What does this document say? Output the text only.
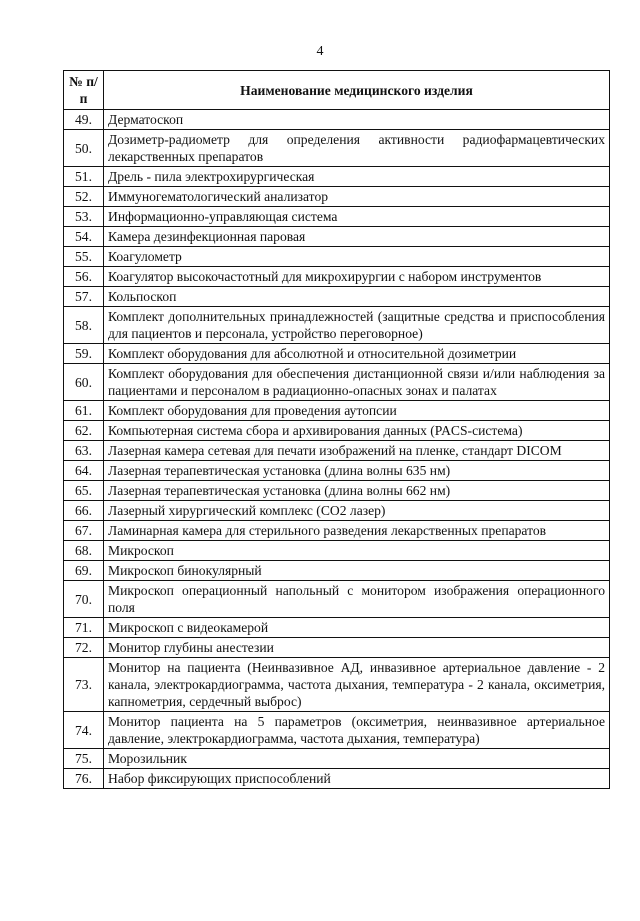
4
№ п/п	Наименование медицинского изделия
49.	Дерматоскоп
50.	Дозиметр-радиометр для определения активности радиофармацевтических лекарственных препаратов
51.	Дрель - пила электрохирургическая
52.	Иммуногематологический анализатор
53.	Информационно-управляющая система
54.	Камера дезинфекционная паровая
55.	Коагулометр
56.	Коагулятор высокочастотный для микрохирургии с набором инструментов
57.	Кольпоскоп
58.	Комплект дополнительных принадлежностей (защитные средства и приспособления для пациентов и персонала, устройство переговорное)
59.	Комплект оборудования для абсолютной и относительной дозиметрии
60.	Комплект оборудования для обеспечения дистанционной связи и/или наблюдения за пациентами и персоналом в радиационно-опасных зонах и палатах
61.	Комплект оборудования для проведения аутопсии
62.	Компьютерная система сбора и архивирования данных (PACS-система)
63.	Лазерная камера сетевая для печати изображений на пленке, стандарт DICOM
64.	Лазерная терапевтическая установка (длина волны 635 нм)
65.	Лазерная терапевтическая установка (длина волны 662 нм)
66.	Лазерный хирургический комплекс (CO2 лазер)
67.	Ламинарная камера для стерильного разведения лекарственных препаратов
68.	Микроскоп
69.	Микроскоп бинокулярный
70.	Микроскоп операционный напольный с монитором изображения операционного поля
71.	Микроскоп с видеокамерой
72.	Монитор глубины анестезии
73.	Монитор на пациента (Неинвазивное АД, инвазивное артериальное давление - 2 канала, электрокардиограмма, частота дыхания, температура - 2 канала, оксиметрия, капнометрия, сердечный выброс)
74.	Монитор пациента на 5 параметров (оксиметрия, неинвазивное артериальное давление, электрокардиограмма, частота дыхания, температура)
75.	Морозильник
76.	Набор фиксирующих приспособлений
